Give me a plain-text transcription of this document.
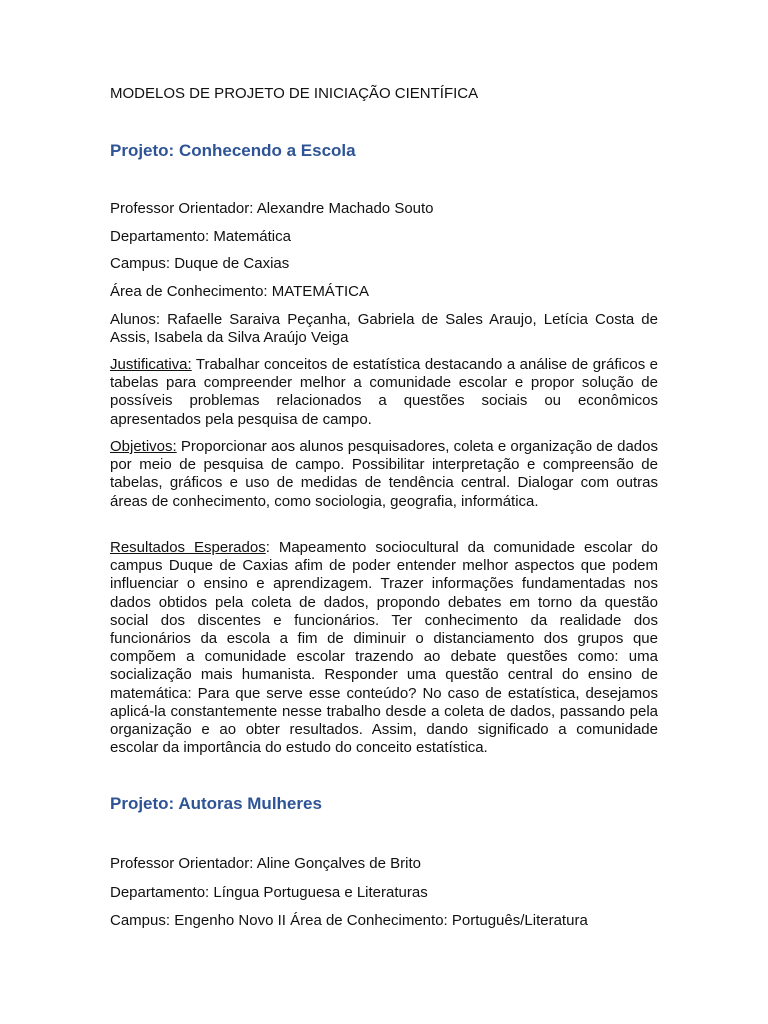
MODELOS DE PROJETO DE INICIAÇÃO CIENTÍFICA
Projeto: Conhecendo a Escola
Professor Orientador: Alexandre Machado Souto
Departamento: Matemática
Campus: Duque de Caxias
Área de Conhecimento: MATEMÁTICA
Alunos: Rafaelle Saraiva Peçanha, Gabriela de Sales Araujo, Letícia Costa de Assis, Isabela da Silva Araújo Veiga
Justificativa: Trabalhar conceitos de estatística destacando a análise de gráficos e tabelas para compreender melhor a comunidade escolar e propor solução de possíveis problemas relacionados a questões sociais ou econômicos apresentados pela pesquisa de campo.
Objetivos: Proporcionar aos alunos pesquisadores, coleta e organização de dados por meio de pesquisa de campo. Possibilitar interpretação e compreensão de tabelas, gráficos e uso de medidas de tendência central. Dialogar com outras áreas de conhecimento, como sociologia, geografia, informática.
Resultados Esperados: Mapeamento sociocultural da comunidade escolar do campus Duque de Caxias afim de poder entender melhor aspectos que podem influenciar o ensino e aprendizagem. Trazer informações fundamentadas nos dados obtidos pela coleta de dados, propondo debates em torno da questão social dos discentes e funcionários. Ter conhecimento da realidade dos funcionários da escola a fim de diminuir o distanciamento dos grupos que compõem a comunidade escolar trazendo ao debate questões como: uma socialização mais humanista. Responder uma questão central do ensino de matemática: Para que serve esse conteúdo? No caso de estatística, desejamos aplicá-la constantemente nesse trabalho desde a coleta de dados, passando pela organização e ao obter resultados. Assim, dando significado a comunidade escolar da importância do estudo do conceito estatística.
Projeto: Autoras Mulheres
Professor Orientador: Aline Gonçalves de Brito
Departamento: Língua Portuguesa e Literaturas
Campus: Engenho Novo II Área de Conhecimento: Português/Literatura
